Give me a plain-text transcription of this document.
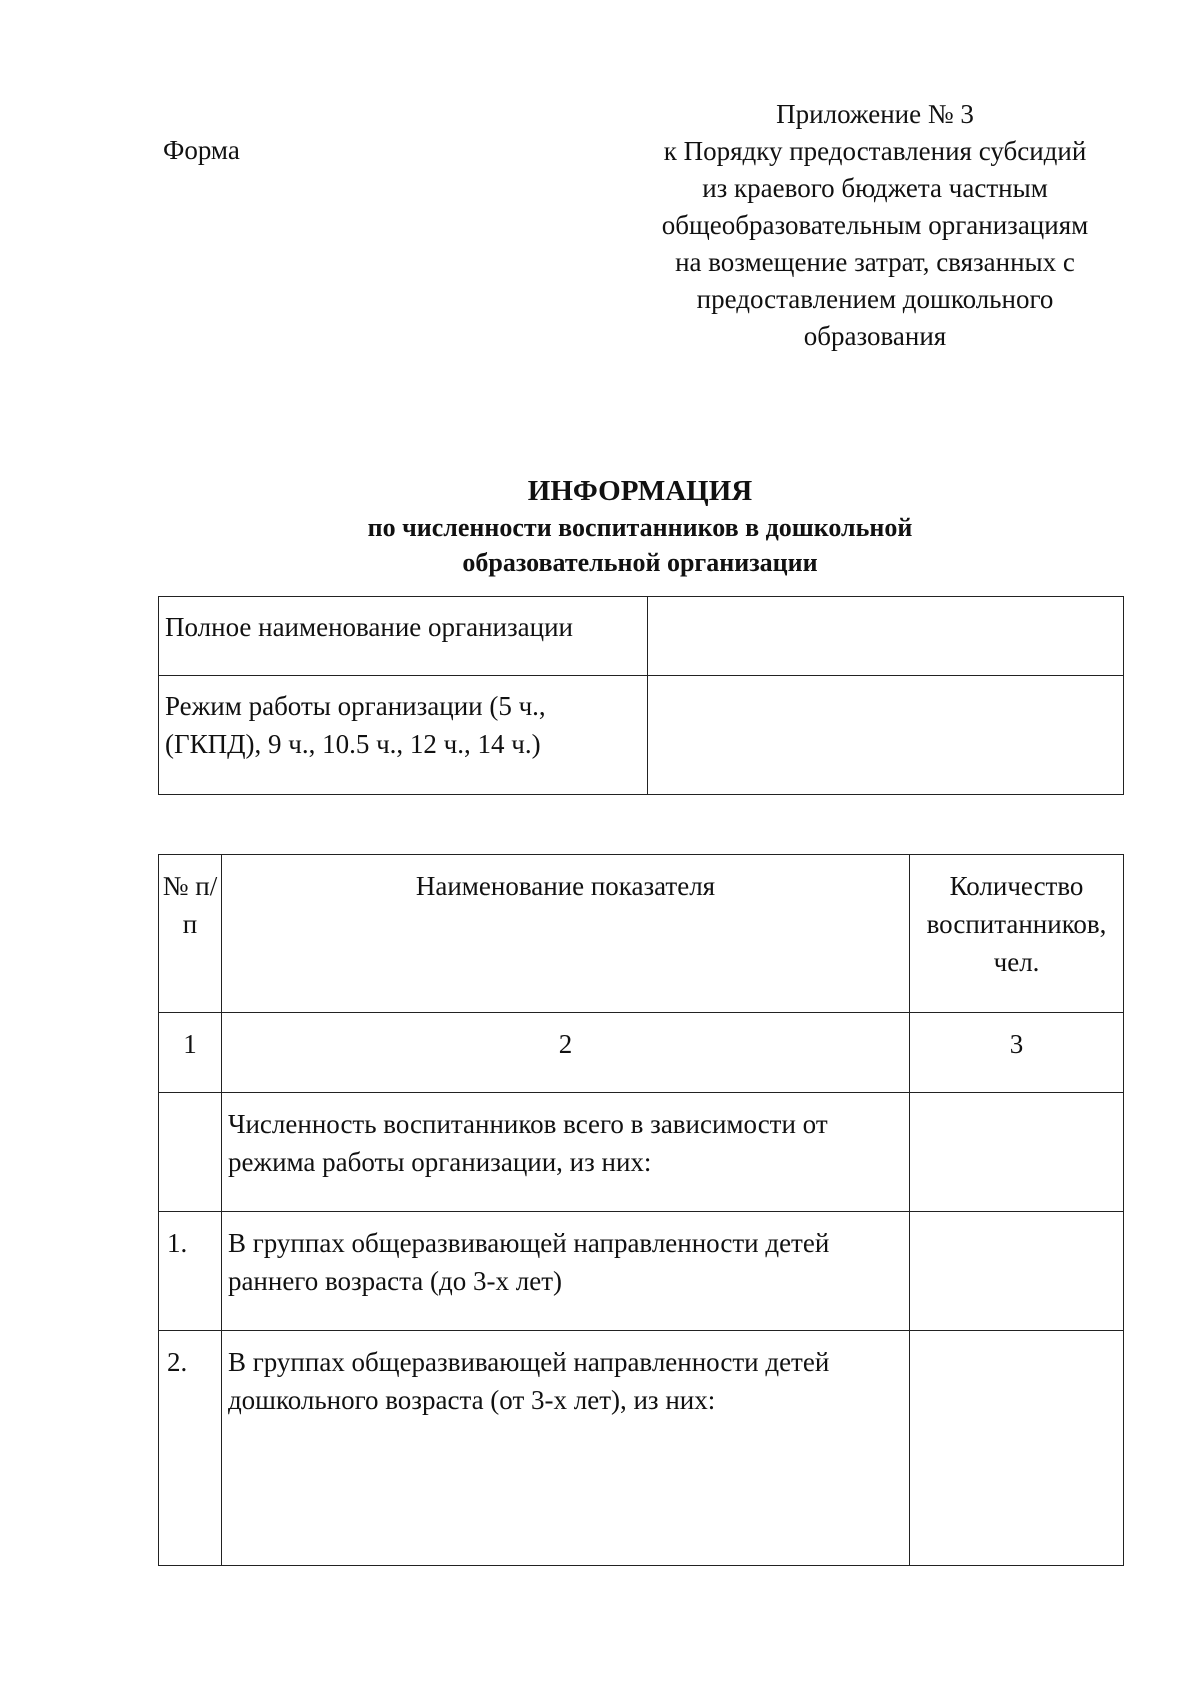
Форма
Приложение № 3
к Порядку предоставления субсидий
из краевого бюджета частным
общеобразовательным организациям
на возмещение затрат, связанных с
предоставлением дошкольного
образования
ИНФОРМАЦИЯ
по численности воспитанников в дошкольной образовательной организации
Полное наименование организации	
Режим работы организации (5 ч., (ГКПД), 9 ч., 10.5 ч., 12 ч., 14 ч.)	
№ п/п	Наименование показателя	Количество воспитанников, чел.
1	2	3
	Численность воспитанников всего в зависимости от режима работы организации, из них:	
1.	В группах общеразвивающей направленности детей раннего возраста (до 3-х лет)	
2.	В группах общеразвивающей направленности детей дошкольного возраста (от 3-х лет), из них:	
